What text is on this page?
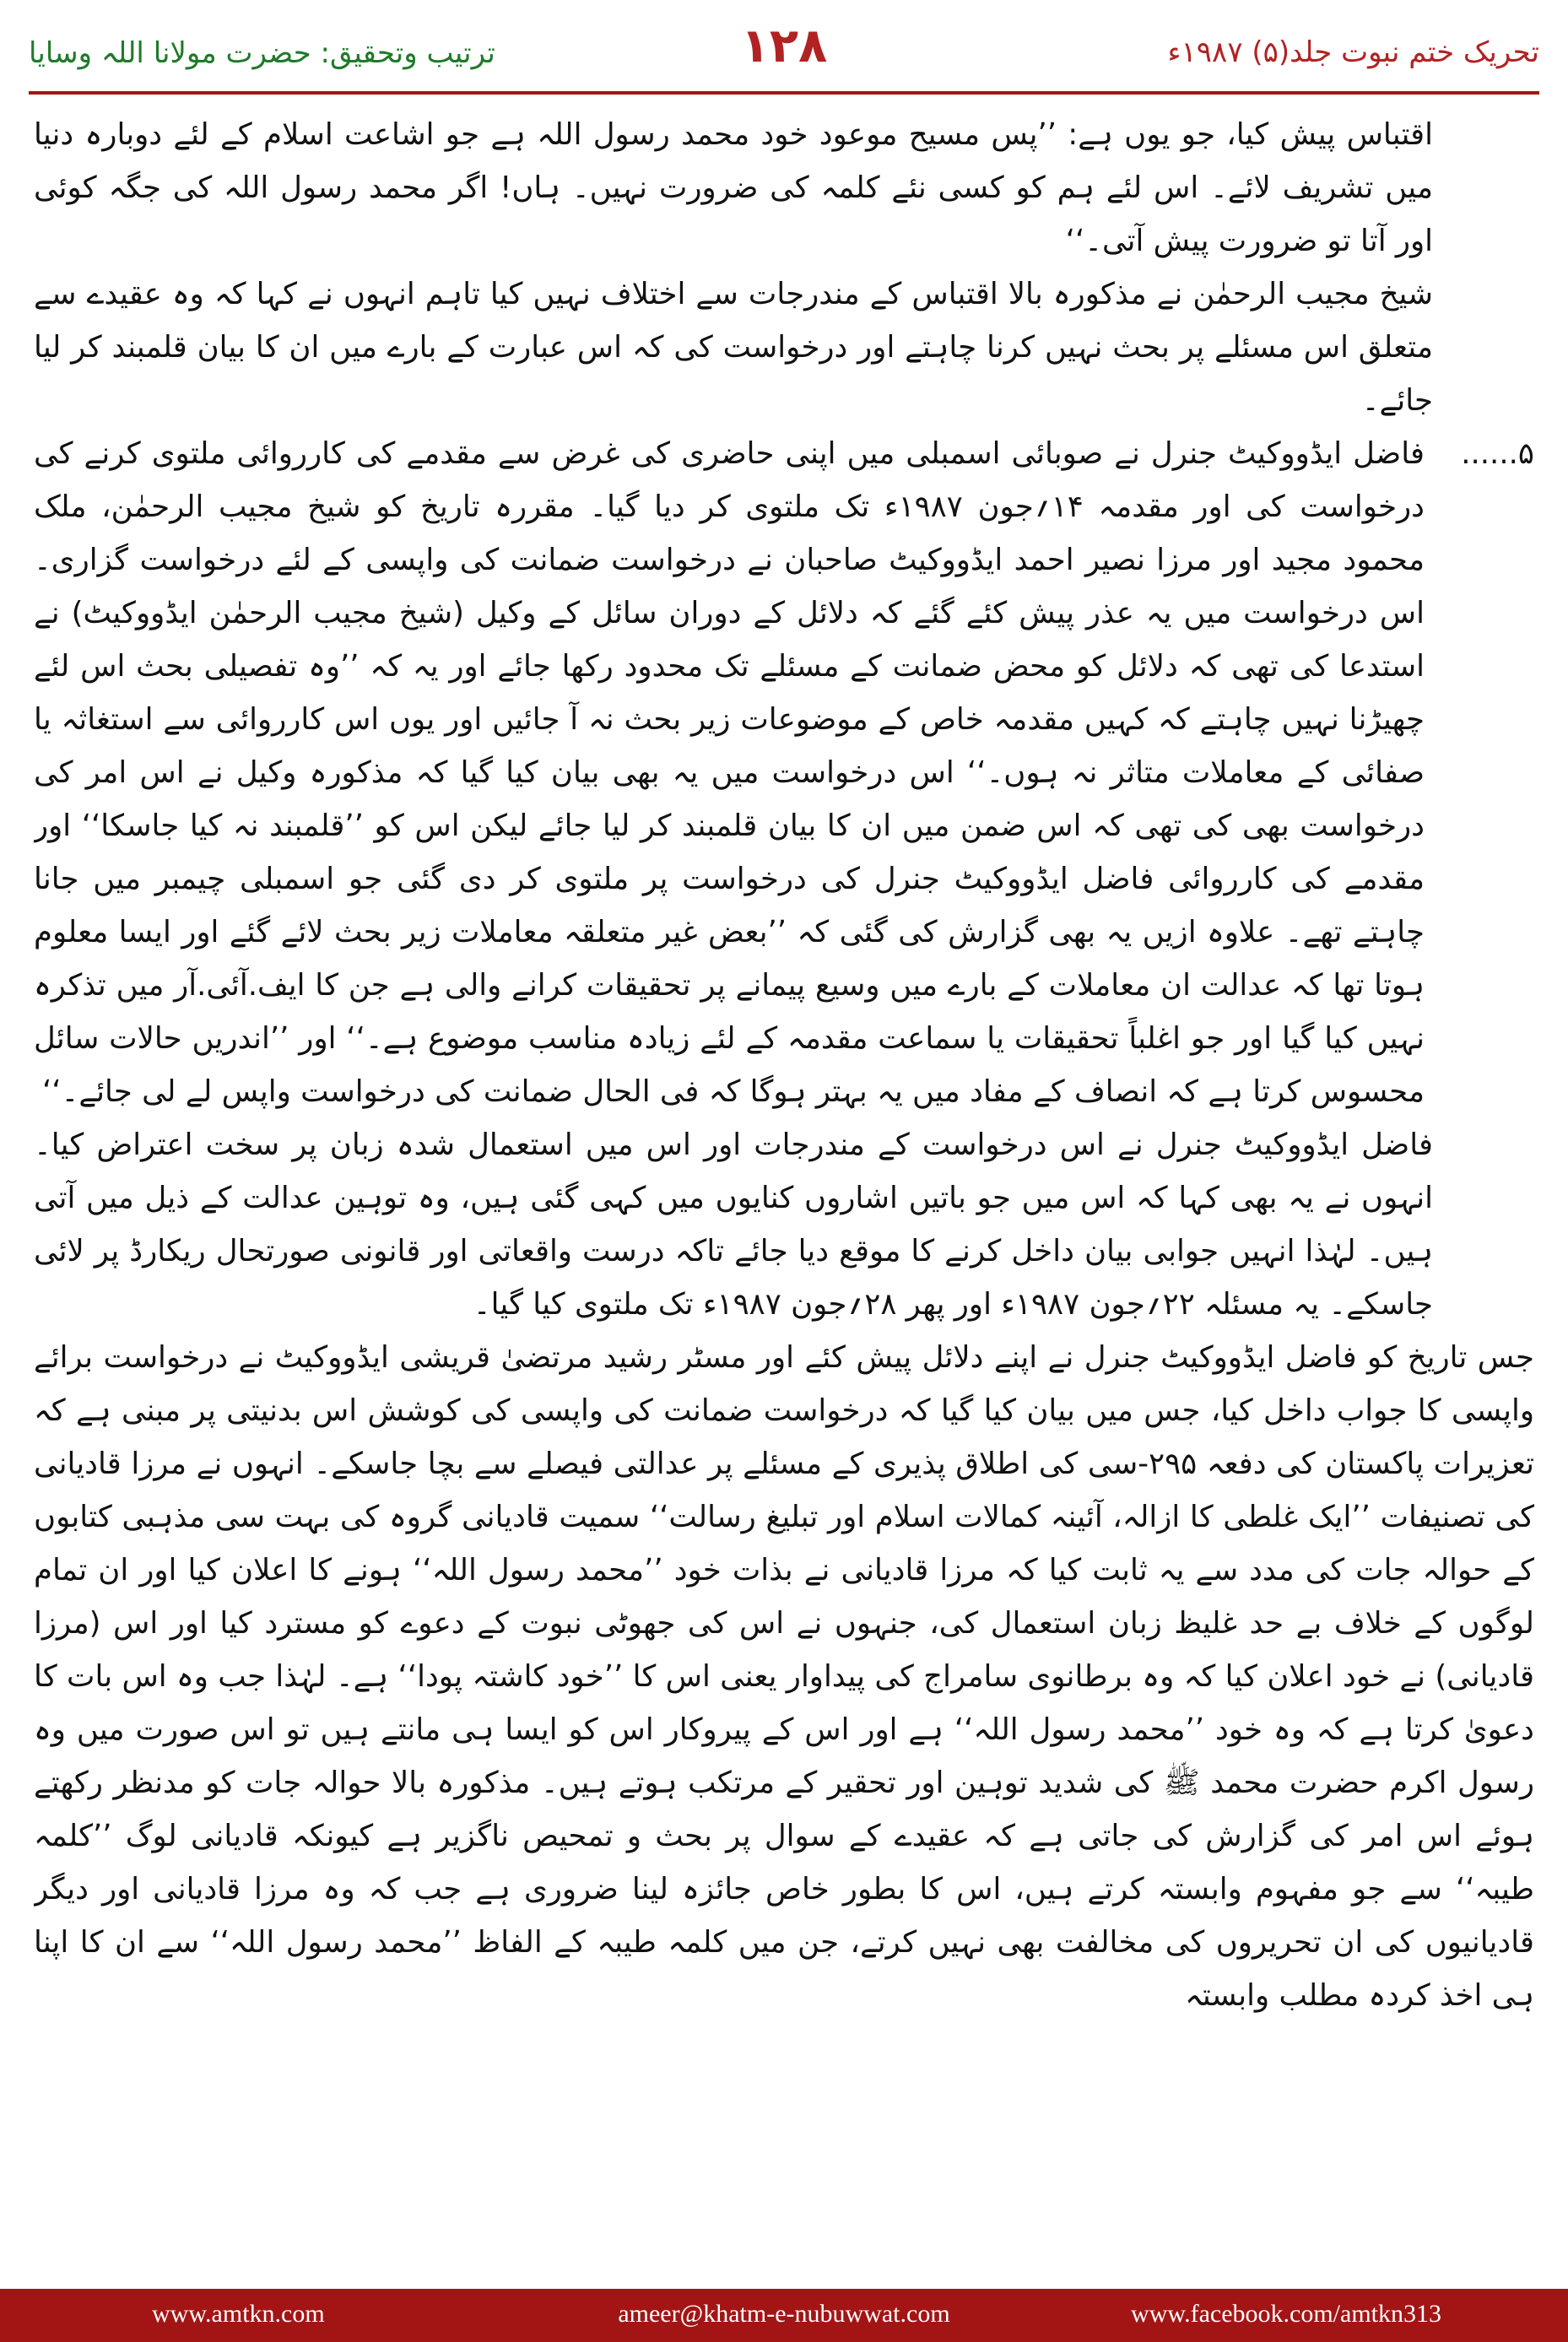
ترتیب وتحقیق: حضرت مولانا اللہ وسایا	۱۲۸	تحریک ختم نبوت جلد(۵) ۱۹۸۷ء

اقتباس پیش کیا، جو یوں ہے: ’’پس مسیح موعود خود محمد رسول اللہ ہے جو اشاعت اسلام کے لئے دوبارہ دنیا میں تشریف لائے۔ اس لئے ہم کو کسی نئے کلمہ کی ضرورت نہیں۔ ہاں! اگر محمد رسول اللہ کی جگہ کوئی اور آتا تو ضرورت پیش آتی۔‘‘

شیخ مجیب الرحمٰن نے مذکورہ بالا اقتباس کے مندرجات سے اختلاف نہیں کیا تاہم انہوں نے کہا کہ وہ عقیدے سے متعلق اس مسئلے پر بحث نہیں کرنا چاہتے اور درخواست کی کہ اس عبارت کے بارے میں ان کا بیان قلمبند کر لیا جائے۔

۵......
فاضل ایڈووکیٹ جنرل نے صوبائی اسمبلی میں اپنی حاضری کی غرض سے مقدمے کی کارروائی ملتوی کرنے کی درخواست کی اور مقدمہ ۱۴؍جون ۱۹۸۷ء تک ملتوی کر دیا گیا۔ مقررہ تاریخ کو شیخ مجیب الرحمٰن، ملک محمود مجید اور مرزا نصیر احمد ایڈووکیٹ صاحبان نے درخواست ضمانت کی واپسی کے لئے درخواست گزاری۔ اس درخواست میں یہ عذر پیش کئے گئے کہ دلائل کے دوران سائل کے وکیل (شیخ مجیب الرحمٰن ایڈووکیٹ) نے استدعا کی تھی کہ دلائل کو محض ضمانت کے مسئلے تک محدود رکھا جائے اور یہ کہ ’’وہ تفصیلی بحث اس لئے چھیڑنا نہیں چاہتے کہ کہیں مقدمہ خاص کے موضوعات زیر بحث نہ آ جائیں اور یوں اس کارروائی سے استغاثہ یا صفائی کے معاملات متاثر نہ ہوں۔‘‘ اس درخواست میں یہ بھی بیان کیا گیا کہ مذکورہ وکیل نے اس امر کی درخواست بھی کی تھی کہ اس ضمن میں ان کا بیان قلمبند کر لیا جائے لیکن اس کو ’’قلمبند نہ کیا جاسکا‘‘ اور مقدمے کی کارروائی فاضل ایڈووکیٹ جنرل کی درخواست پر ملتوی کر دی گئی جو اسمبلی چیمبر میں جانا چاہتے تھے۔ علاوہ ازیں یہ بھی گزارش کی گئی کہ ’’بعض غیر متعلقہ معاملات زیر بحث لائے گئے اور ایسا معلوم ہوتا تھا کہ عدالت ان معاملات کے بارے میں وسیع پیمانے پر تحقیقات کرانے والی ہے جن کا ایف.آئی.آر میں تذکرہ نہیں کیا گیا اور جو اغلباً تحقیقات یا سماعت مقدمہ کے لئے زیادہ مناسب موضوع ہے۔‘‘ اور ’’اندریں حالات سائل محسوس کرتا ہے کہ انصاف کے مفاد میں یہ بہتر ہوگا کہ فی الحال ضمانت کی درخواست واپس لے لی جائے۔‘‘

فاضل ایڈووکیٹ جنرل نے اس درخواست کے مندرجات اور اس میں استعمال شدہ زبان پر سخت اعتراض کیا۔ انہوں نے یہ بھی کہا کہ اس میں جو باتیں اشاروں کنایوں میں کہی گئی ہیں، وہ توہین عدالت کے ذیل میں آتی ہیں۔ لہٰذا انہیں جوابی بیان داخل کرنے کا موقع دیا جائے تاکہ درست واقعاتی اور قانونی صورتحال ریکارڈ پر لائی جاسکے۔ یہ مسئلہ ۲۲؍جون ۱۹۸۷ء اور پھر ۲۸؍جون ۱۹۸۷ء تک ملتوی کیا گیا۔

جس تاریخ کو فاضل ایڈووکیٹ جنرل نے اپنے دلائل پیش کئے اور مسٹر رشید مرتضیٰ قریشی ایڈووکیٹ نے درخواست برائے واپسی کا جواب داخل کیا، جس میں بیان کیا گیا کہ درخواست ضمانت کی واپسی کی کوشش اس بدنیتی پر مبنی ہے کہ تعزیرات پاکستان کی دفعہ ۲۹۵-سی کی اطلاق پذیری کے مسئلے پر عدالتی فیصلے سے بچا جاسکے۔ انہوں نے مرزا قادیانی کی تصنیفات ’’ایک غلطی کا ازالہ، آئینہ کمالات اسلام اور تبلیغ رسالت‘‘ سمیت قادیانی گروہ کی بہت سی مذہبی کتابوں کے حوالہ جات کی مدد سے یہ ثابت کیا کہ مرزا قادیانی نے بذات خود ’’محمد رسول اللہ‘‘ ہونے کا اعلان کیا اور ان تمام لوگوں کے خلاف بے حد غلیظ زبان استعمال کی، جنہوں نے اس کی جھوٹی نبوت کے دعوے کو مسترد کیا اور اس (مرزا قادیانی) نے خود اعلان کیا کہ وہ برطانوی سامراج کی پیداوار یعنی اس کا ’’خود کاشتہ پودا‘‘ ہے۔ لہٰذا جب وہ اس بات کا دعویٰ کرتا ہے کہ وہ خود ’’محمد رسول اللہ‘‘ ہے اور اس کے پیروکار اس کو ایسا ہی مانتے ہیں تو اس صورت میں وہ رسول اکرم حضرت محمد ﷺ کی شدید توہین اور تحقیر کے مرتکب ہوتے ہیں۔ مذکورہ بالا حوالہ جات کو مدنظر رکھتے ہوئے اس امر کی گزارش کی جاتی ہے کہ عقیدے کے سوال پر بحث و تمحیص ناگزیر ہے کیونکہ قادیانی لوگ ’’کلمہ طیبہ‘‘ سے جو مفہوم وابستہ کرتے ہیں، اس کا بطور خاص جائزہ لینا ضروری ہے جب کہ وہ مرزا قادیانی اور دیگر قادیانیوں کی ان تحریروں کی مخالفت بھی نہیں کرتے، جن میں کلمہ طیبہ کے الفاظ ’’محمد رسول اللہ‘‘ سے ان کا اپنا ہی اخذ کردہ مطلب وابستہ

www.amtkn.com	ameer@khatm-e-nubuwwat.com	www.facebook.com/amtkn313
